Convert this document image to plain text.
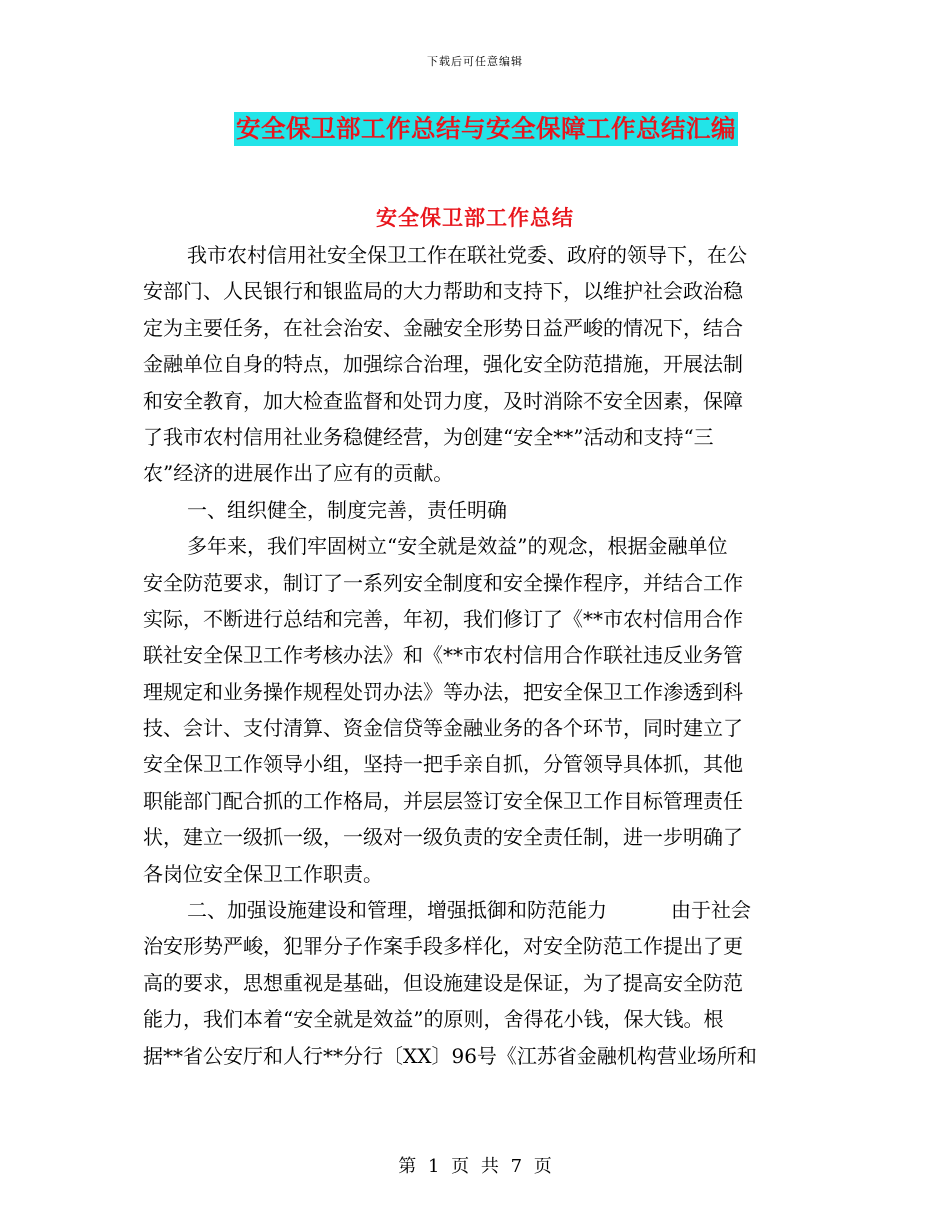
下载后可任意编辑
安全保卫部工作总结与安全保障工作总结汇编
安全保卫部工作总结
我市农村信用社安全保卫工作在联社党委、政府的领导下，在公
安部门、人民银行和银监局的大力帮助和支持下，以维护社会政治稳
定为主要任务，在社会治安、金融安全形势日益严峻的情况下，结合
金融单位自身的特点，加强综合治理，强化安全防范措施，开展法制
和安全教育，加大检查监督和处罚力度，及时消除不安全因素，保障
了我市农村信用社业务稳健经营，为创建“安全**”活动和支持“三
农”经济的进展作出了应有的贡献。
一、组织健全，制度完善，责任明确
多年来，我们牢固树立“安全就是效益”的观念，根据金融单位
安全防范要求，制订了一系列安全制度和安全操作程序，并结合工作
实际，不断进行总结和完善，年初，我们修订了《**市农村信用合作
联社安全保卫工作考核办法》和《**市农村信用合作联社违反业务管
理规定和业务操作规程处罚办法》等办法，把安全保卫工作渗透到科
技、会计、支付清算、资金信贷等金融业务的各个环节，同时建立了
安全保卫工作领导小组，坚持一把手亲自抓，分管领导具体抓，其他
职能部门配合抓的工作格局，并层层签订安全保卫工作目标管理责任
状，建立一级抓一级，一级对一级负责的安全责任制，进一步明确了
各岗位安全保卫工作职责。
二、加强设施建设和管理，增强抵御和防范能力	由于社会
治安形势严峻，犯罪分子作案手段多样化，对安全防范工作提出了更
高的要求，思想重视是基础，但设施建设是保证，为了提高安全防范
能力，我们本着“安全就是效益”的原则，舍得花小钱，保大钱。根
据**省公安厅和人行**分行〔XX〕96号《江苏省金融机构营业场所和
第 1 页 共 7 页
